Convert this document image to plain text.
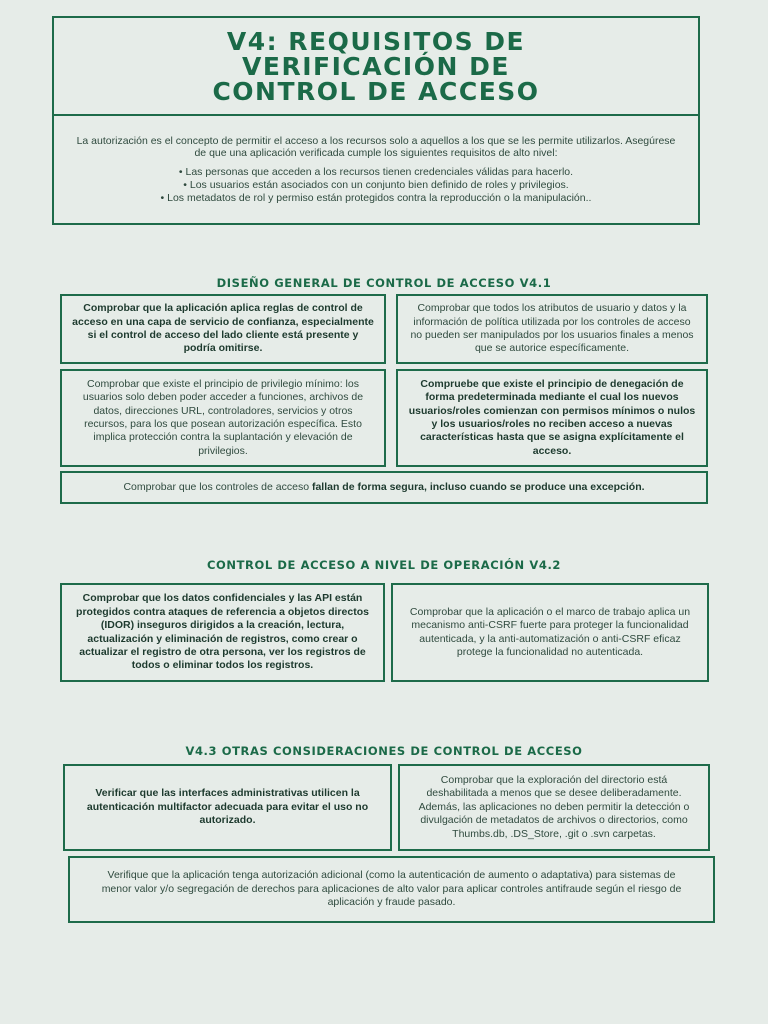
V4: REQUISITOS DE
VERIFICACIÓN DE
CONTROL DE ACCESO

La autorización es el concepto de permitir el acceso a los recursos solo a aquellos a los que se les permite utilizarlos. Asegúrese de que una aplicación verificada cumple los siguientes requisitos de alto nivel:

• Las personas que acceden a los recursos tienen credenciales válidas para hacerlo.
• Los usuarios están asociados con un conjunto bien definido de roles y privilegios.
• Los metadatos de rol y permiso están protegidos contra la reproducción o la manipulación..
DISEÑO GENERAL DE CONTROL DE ACCESO V4.1
Comprobar que la aplicación aplica reglas de control de acceso en una capa de servicio de confianza, especialmente si el control de acceso del lado cliente está presente y podría omitirse.
Comprobar que todos los atributos de usuario y datos y la información de política utilizada por los controles de acceso no pueden ser manipulados por los usuarios finales a menos que se autorice específicamente.
Comprobar que existe el principio de privilegio mínimo: los usuarios solo deben poder acceder a funciones, archivos de datos, direcciones URL, controladores, servicios y otros recursos, para los que posean autorización específica. Esto implica protección contra la suplantación y elevación de privilegios.
Compruebe que existe el principio de denegación de forma predeterminada mediante el cual los nuevos usuarios/roles comienzan con permisos mínimos o nulos y los usuarios/roles no reciben acceso a nuevas características hasta que se asigna explícitamente el acceso.
Comprobar que los controles de acceso fallan de forma segura, incluso cuando se produce una excepción.
CONTROL DE ACCESO A NIVEL DE OPERACIÓN V4.2
Comprobar que los datos confidenciales y las API están protegidos contra ataques de referencia a objetos directos (IDOR) inseguros dirigidos a la creación, lectura, actualización y eliminación de registros, como crear o actualizar el registro de otra persona, ver los registros de todos o eliminar todos los registros.
Comprobar que la aplicación o el marco de trabajo aplica un mecanismo anti-CSRF fuerte para proteger la funcionalidad autenticada, y la anti-automatización o anti-CSRF eficaz protege la funcionalidad no autenticada.
V4.3 OTRAS CONSIDERACIONES DE CONTROL DE ACCESO
Verificar que las interfaces administrativas utilicen la autenticación multifactor adecuada para evitar el uso no autorizado.
Comprobar que la exploración del directorio está deshabilitada a menos que se desee deliberadamente. Además, las aplicaciones no deben permitir la detección o divulgación de metadatos de archivos o directorios, como Thumbs.db, .DS_Store, .git o .svn carpetas.
Verifique que la aplicación tenga autorización adicional (como la autenticación de aumento o adaptativa) para sistemas de menor valor y/o segregación de derechos para aplicaciones de alto valor para aplicar controles antifraude según el riesgo de aplicación y fraude pasado.
